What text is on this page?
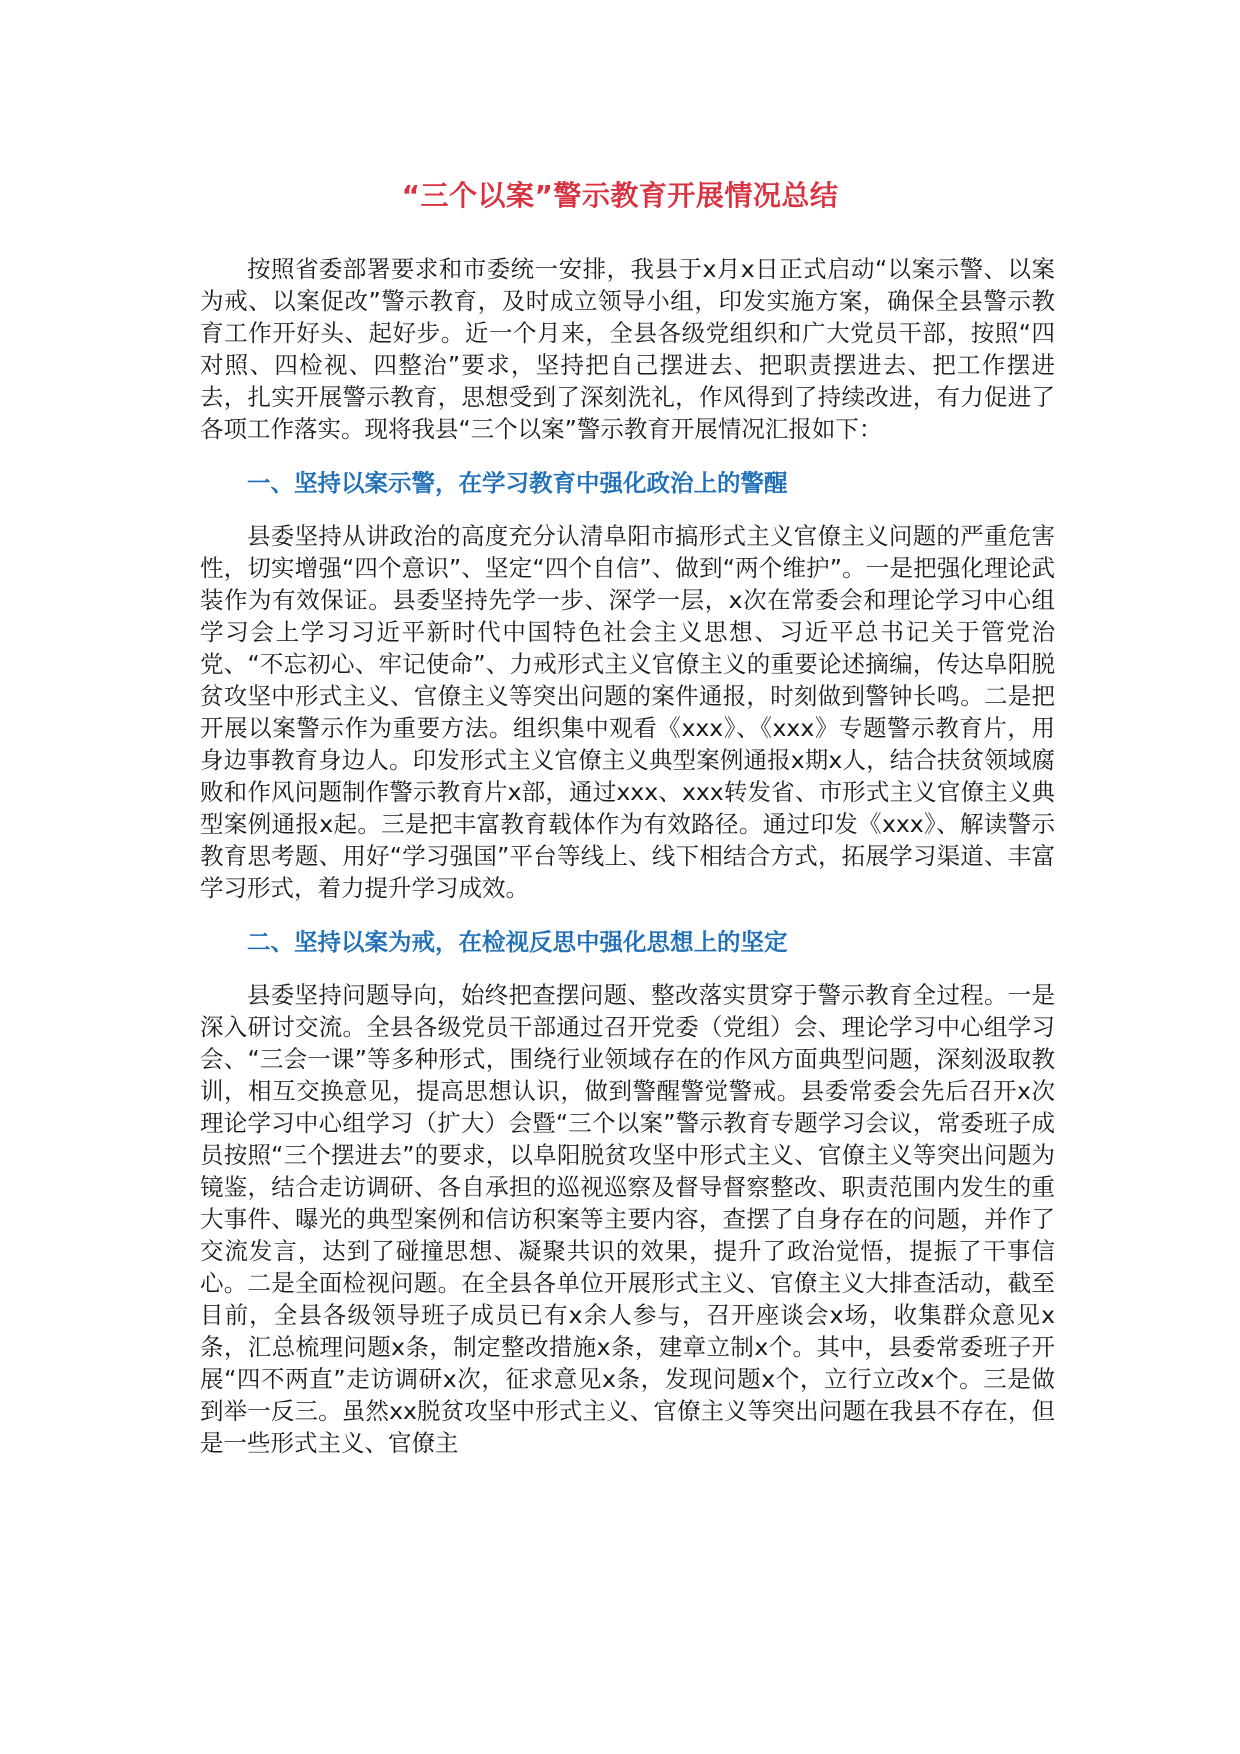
“三个以案”警示教育开展情况总结

按照省委部署要求和市委统一安排，我县于x月x日正式启动“以案示警、以案为戒、以案促改”警示教育，及时成立领导小组，印发实施方案，确保全县警示教育工作开好头、起好步。近一个月来，全县各级党组织和广大党员干部，按照“四对照、四检视、四整治”要求，坚持把自己摆进去、把职责摆进去、把工作摆进去，扎实开展警示教育，思想受到了深刻洗礼，作风得到了持续改进，有力促进了各项工作落实。现将我县“三个以案”警示教育开展情况汇报如下：

一、坚持以案示警，在学习教育中强化政治上的警醒

县委坚持从讲政治的高度充分认清阜阳市搞形式主义官僚主义问题的严重危害性，切实增强“四个意识”、坚定“四个自信”、做到“两个维护”。一是把强化理论武装作为有效保证。县委坚持先学一步、深学一层，x次在常委会和理论学习中心组学习会上学习习近平新时代中国特色社会主义思想、习近平总书记关于管党治党、“不忘初心、牢记使命”、力戒形式主义官僚主义的重要论述摘编，传达阜阳脱贫攻坚中形式主义、官僚主义等突出问题的案件通报，时刻做到警钟长鸣。二是把开展以案警示作为重要方法。组织集中观看《xxx》、《xxx》专题警示教育片，用身边事教育身边人。印发形式主义官僚主义典型案例通报x期x人，结合扶贫领域腐败和作风问题制作警示教育片x部，通过xxx、xxx转发省、市形式主义官僚主义典型案例通报x起。三是把丰富教育载体作为有效路径。通过印发《xxx》、解读警示教育思考题、用好“学习强国”平台等线上、线下相结合方式，拓展学习渠道、丰富学习形式，着力提升学习成效。

二、坚持以案为戒，在检视反思中强化思想上的坚定

县委坚持问题导向，始终把查摆问题、整改落实贯穿于警示教育全过程。一是深入研讨交流。全县各级党员干部通过召开党委（党组）会、理论学习中心组学习会、“三会一课”等多种形式，围绕行业领域存在的作风方面典型问题，深刻汲取教训，相互交换意见，提高思想认识，做到警醒警觉警戒。县委常委会先后召开x次理论学习中心组学习（扩大）会暨“三个以案”警示教育专题学习会议，常委班子成员按照“三个摆进去”的要求，以阜阳脱贫攻坚中形式主义、官僚主义等突出问题为镜鉴，结合走访调研、各自承担的巡视巡察及督导督察整改、职责范围内发生的重大事件、曝光的典型案例和信访积案等主要内容，查摆了自身存在的问题，并作了交流发言，达到了碰撞思想、凝聚共识的效果，提升了政治觉悟，提振了干事信心。二是全面检视问题。在全县各单位开展形式主义、官僚主义大排查活动，截至目前，全县各级领导班子成员已有x余人参与，召开座谈会x场，收集群众意见x条，汇总梳理问题x条，制定整改措施x条，建章立制x个。其中，县委常委班子开展“四不两直”走访调研x次，征求意见x条，发现问题x个，立行立改x个。三是做到举一反三。虽然xx脱贫攻坚中形式主义、官僚主义等突出问题在我县不存在，但是一些形式主义、官僚主
